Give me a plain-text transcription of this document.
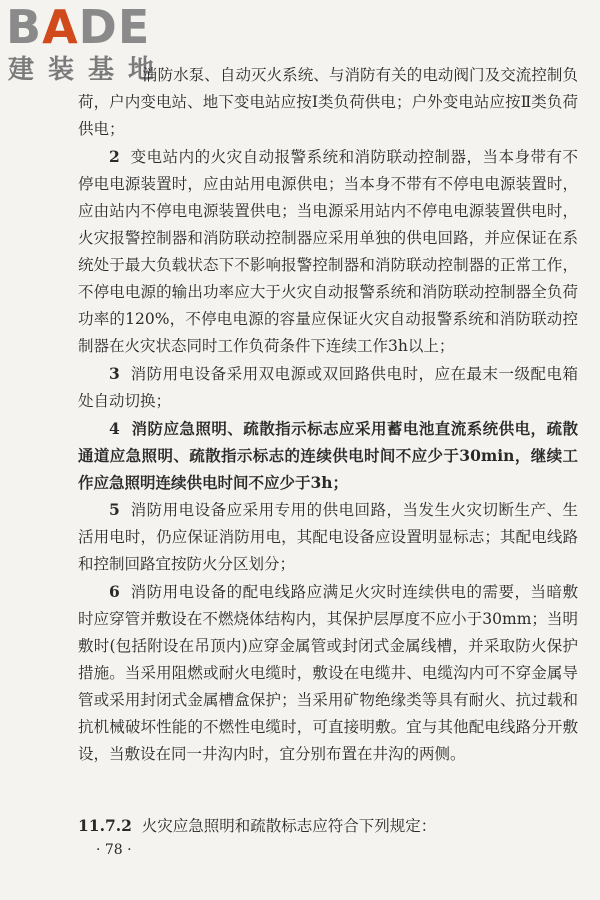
BADE
建装基地

消防水泵、自动灭火系统、与消防有关的电动阀门及交流控制负荷，户内变电站、地下变电站应按Ⅰ类负荷供电；户外变电站应按Ⅱ类负荷供电；

2 变电站内的火灾自动报警系统和消防联动控制器，当本身带有不停电电源装置时，应由站用电源供电；当本身不带有不停电电源装置时，应由站内不停电电源装置供电；当电源采用站内不停电电源装置供电时，火灾报警控制器和消防联动控制器应采用单独的供电回路，并应保证在系统处于最大负载状态下不影响报警控制器和消防联动控制器的正常工作，不停电电源的输出功率应大于火灾自动报警系统和消防联动控制器全负荷功率的120%，不停电电源的容量应保证火灾自动报警系统和消防联动控制器在火灾状态同时工作负荷条件下连续工作3h以上；

3 消防用电设备采用双电源或双回路供电时，应在最末一级配电箱处自动切换；

4 消防应急照明、疏散指示标志应采用蓄电池直流系统供电，疏散通道应急照明、疏散指示标志的连续供电时间不应少于30min，继续工作应急照明连续供电时间不应少于3h；

5 消防用电设备应采用专用的供电回路，当发生火灾切断生产、生活用电时，仍应保证消防用电，其配电设备应设置明显标志；其配电线路和控制回路宜按防火分区划分；

6 消防用电设备的配电线路应满足火灾时连续供电的需要，当暗敷时应穿管并敷设在不燃烧体结构内，其保护层厚度不应小于30mm；当明敷时(包括附设在吊顶内)应穿金属管或封闭式金属线槽，并采取防火保护措施。当采用阻燃或耐火电缆时，敷设在电缆井、电缆沟内可不穿金属导管或采用封闭式金属槽盒保护；当采用矿物绝缘类等具有耐火、抗过载和抗机械破坏性能的不燃性电缆时，可直接明敷。宜与其他配电线路分开敷设，当敷设在同一井沟内时，宜分别布置在井沟的两侧。

11.7.2 火灾应急照明和疏散标志应符合下列规定：
· 78 ·
